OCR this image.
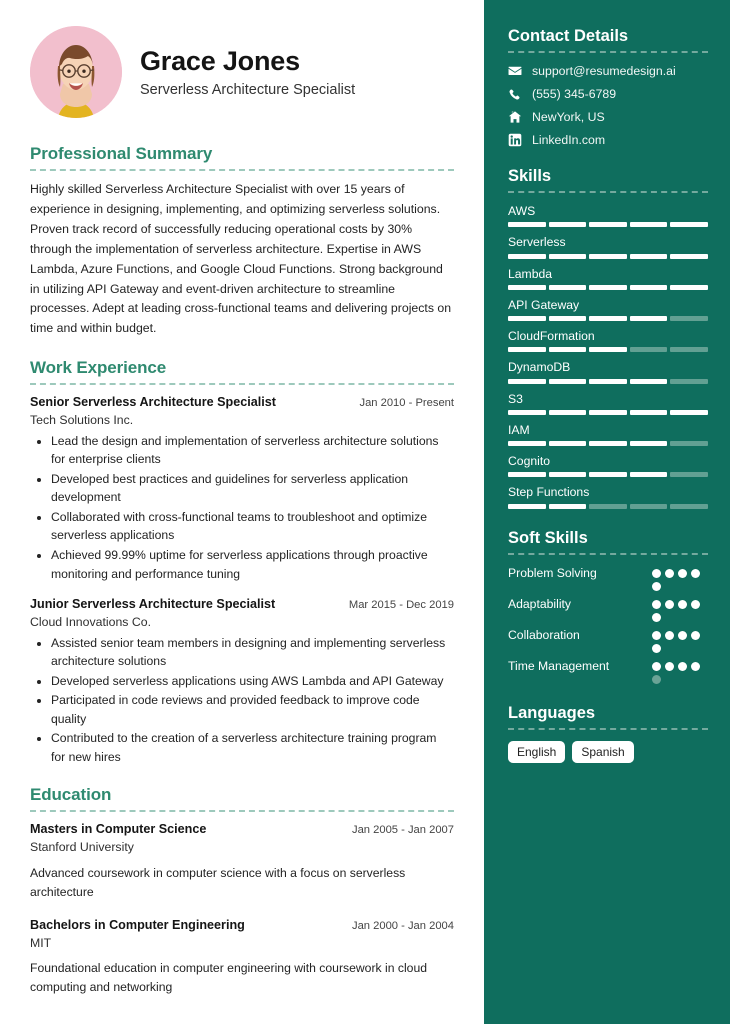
Grace Jones
Serverless Architecture Specialist
Professional Summary
Highly skilled Serverless Architecture Specialist with over 15 years of experience in designing, implementing, and optimizing serverless solutions. Proven track record of successfully reducing operational costs by 30% through the implementation of serverless architecture. Expertise in AWS Lambda, Azure Functions, and Google Cloud Functions. Strong background in utilizing API Gateway and event-driven architecture to streamline processes. Adept at leading cross-functional teams and delivering projects on time and within budget.
Work Experience
Senior Serverless Architecture Specialist	Jan 2010 - Present
Tech Solutions Inc.
• Lead the design and implementation of serverless architecture solutions for enterprise clients
• Developed best practices and guidelines for serverless application development
• Collaborated with cross-functional teams to troubleshoot and optimize serverless applications
• Achieved 99.99% uptime for serverless applications through proactive monitoring and performance tuning
Junior Serverless Architecture Specialist	Mar 2015 - Dec 2019
Cloud Innovations Co.
• Assisted senior team members in designing and implementing serverless architecture solutions
• Developed serverless applications using AWS Lambda and API Gateway
• Participated in code reviews and provided feedback to improve code quality
• Contributed to the creation of a serverless architecture training program for new hires
Education
Masters in Computer Science	Jan 2005 - Jan 2007
Stanford University
Advanced coursework in computer science with a focus on serverless architecture
Bachelors in Computer Engineering	Jan 2000 - Jan 2004
MIT
Foundational education in computer engineering with coursework in cloud computing and networking
Contact Details
support@resumedesign.ai
(555) 345-6789
NewYork, US
LinkedIn.com
Skills
AWS
Serverless
Lambda
API Gateway
CloudFormation
DynamoDB
S3
IAM
Cognito
Step Functions
Soft Skills
Problem Solving
Adaptability
Collaboration
Time Management
Languages
English	Spanish
